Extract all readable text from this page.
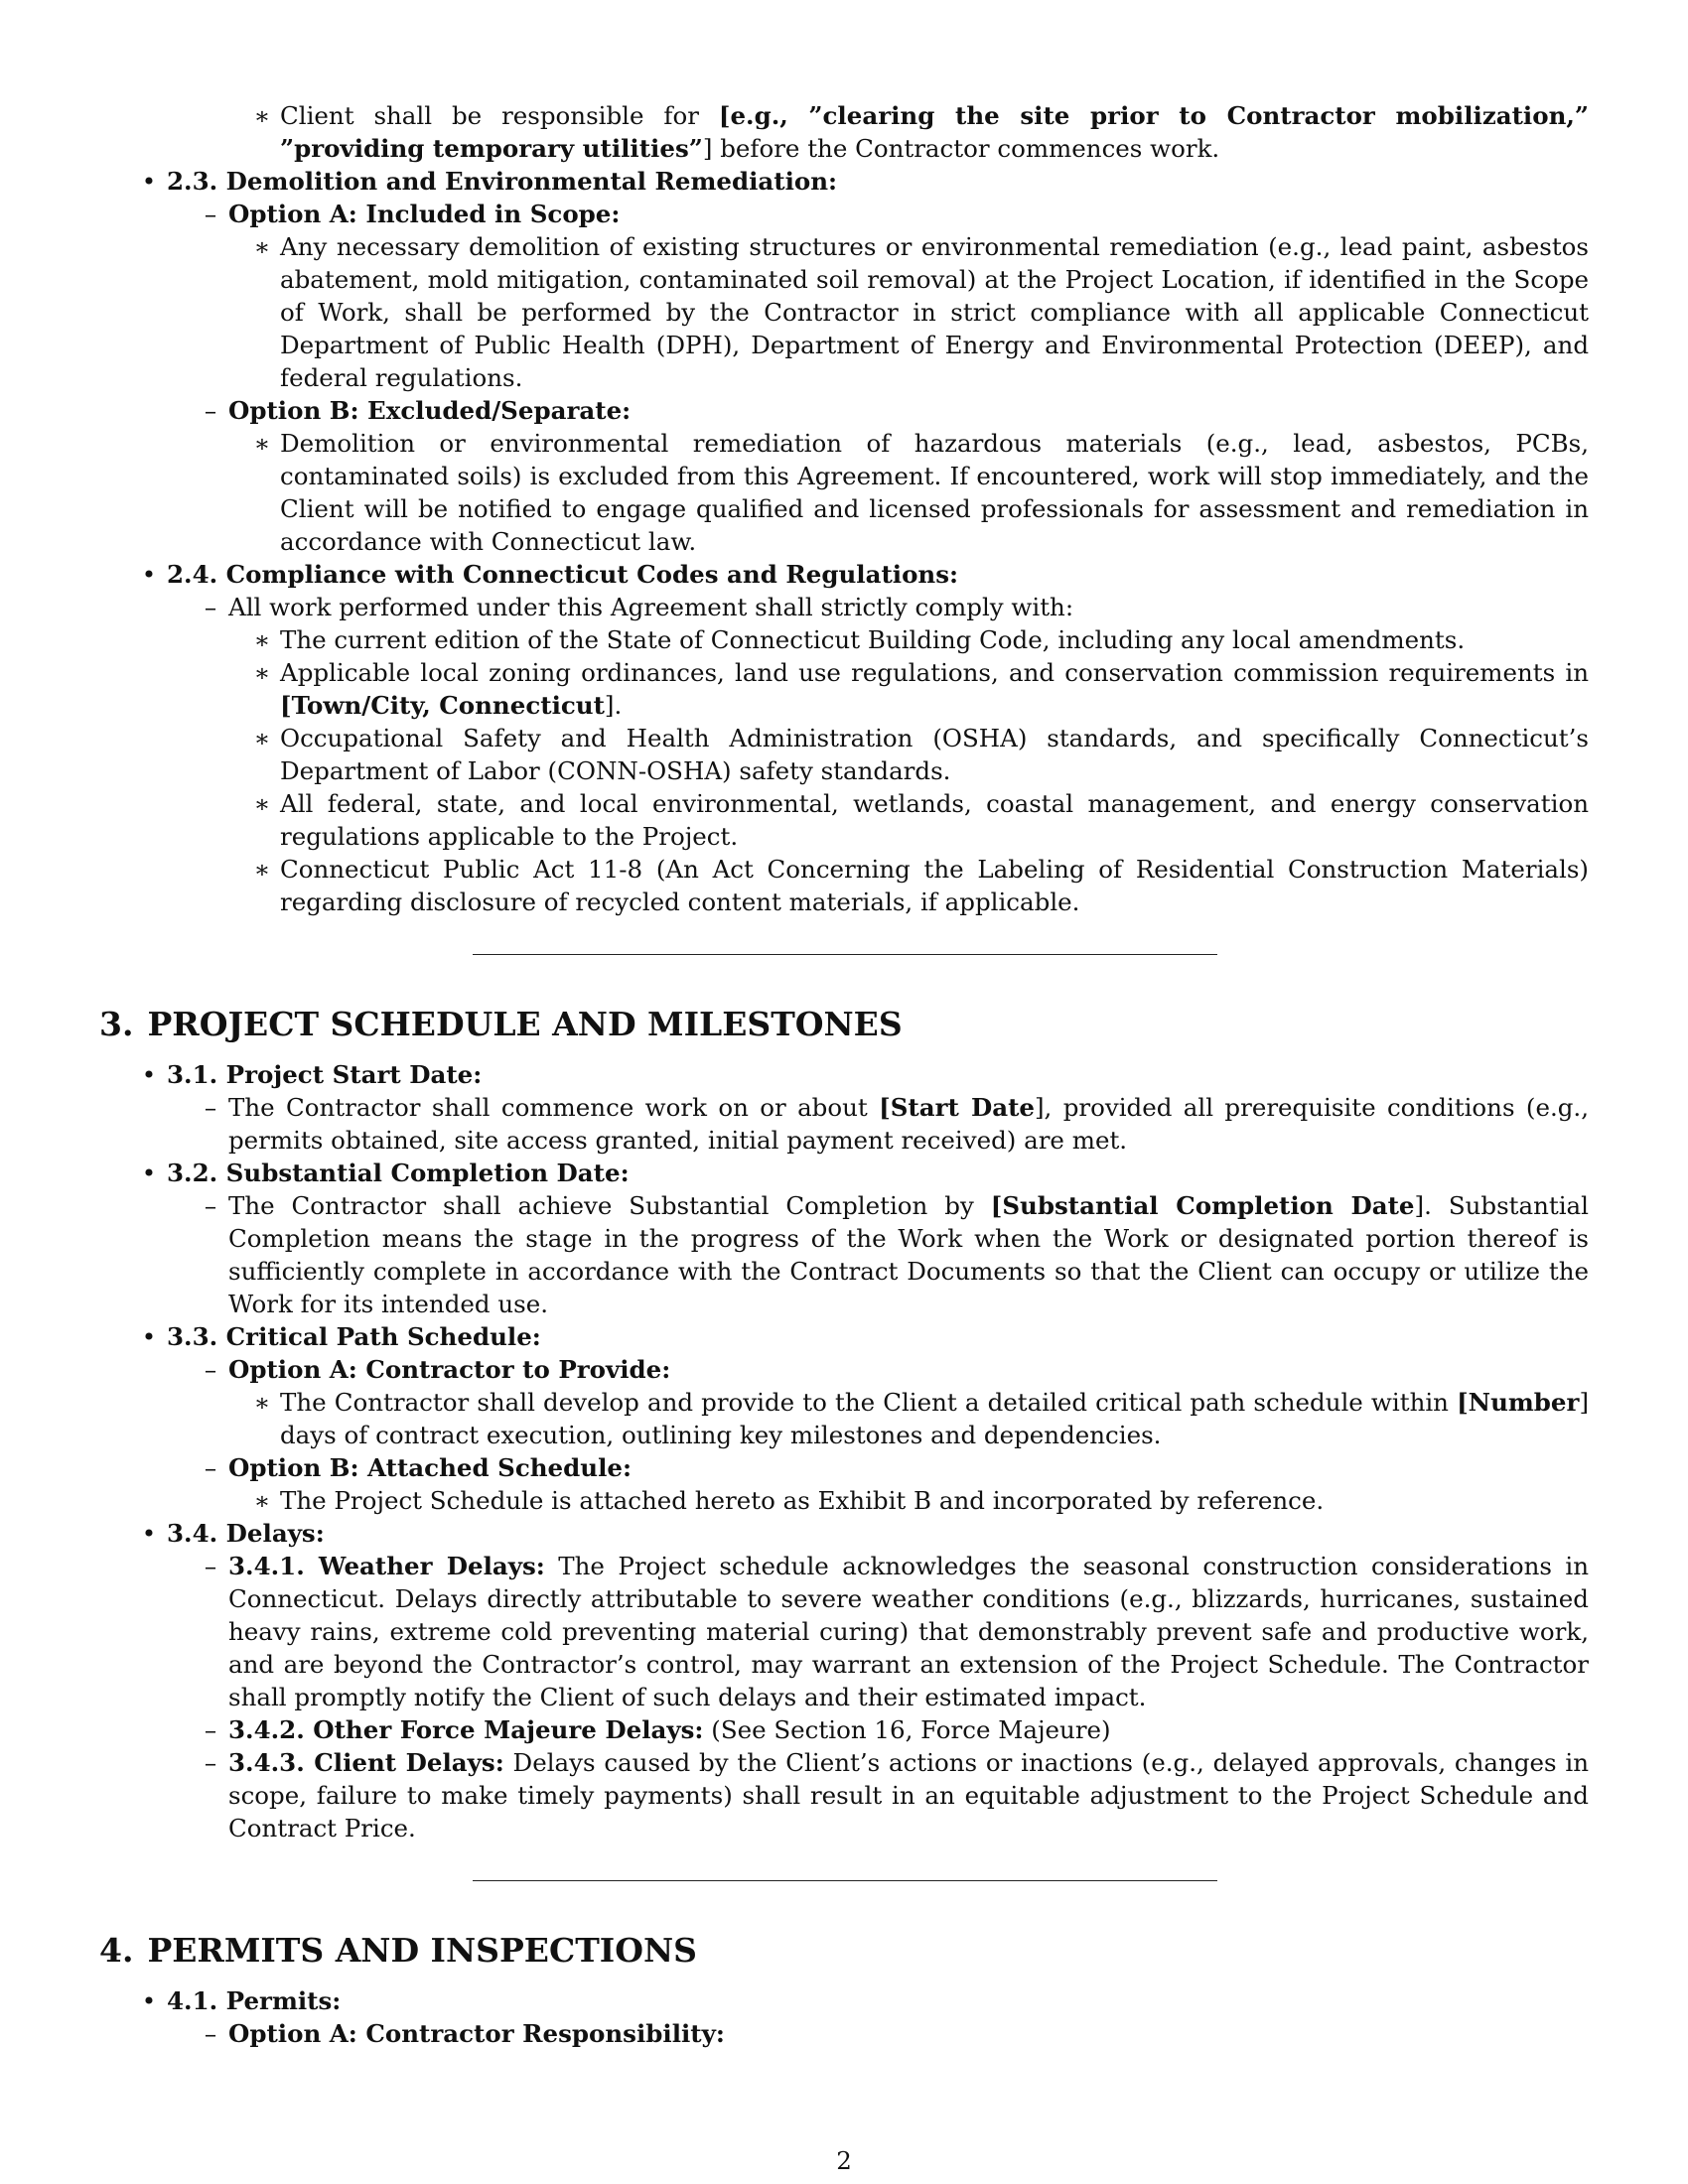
∗ Client shall be responsible for [e.g., ”clearing the site prior to Contractor mobilization,” ”providing temporary utilities”] before the Contractor commences work.
• 2.3. Demolition and Environmental Remediation:
– Option A: Included in Scope:
∗ Any necessary demolition of existing structures or environmental remediation (e.g., lead paint, asbestos abatement, mold mitigation, contaminated soil removal) at the Project Location, if identified in the Scope of Work, shall be performed by the Contractor in strict compliance with all applicable Connecticut Department of Public Health (DPH), Department of Energy and Environmental Protection (DEEP), and federal regulations.
– Option B: Excluded/Separate:
∗ Demolition or environmental remediation of hazardous materials (e.g., lead, asbestos, PCBs, contaminated soils) is excluded from this Agreement. If encountered, work will stop immediately, and the Client will be notified to engage qualified and licensed professionals for assessment and remediation in accordance with Connecticut law.
• 2.4. Compliance with Connecticut Codes and Regulations:
– All work performed under this Agreement shall strictly comply with:
∗ The current edition of the State of Connecticut Building Code, including any local amendments.
∗ Applicable local zoning ordinances, land use regulations, and conservation commission requirements in [Town/City, Connecticut].
∗ Occupational Safety and Health Administration (OSHA) standards, and specifically Connecticut’s Department of Labor (CONN-OSHA) safety standards.
∗ All federal, state, and local environmental, wetlands, coastal management, and energy conservation regulations applicable to the Project.
∗ Connecticut Public Act 11-8 (An Act Concerning the Labeling of Residential Construction Materials) regarding disclosure of recycled content materials, if applicable.
3. PROJECT SCHEDULE AND MILESTONES
• 3.1. Project Start Date:
– The Contractor shall commence work on or about [Start Date], provided all prerequisite conditions (e.g., permits obtained, site access granted, initial payment received) are met.
• 3.2. Substantial Completion Date:
– The Contractor shall achieve Substantial Completion by [Substantial Completion Date]. Substantial Completion means the stage in the progress of the Work when the Work or designated portion thereof is sufficiently complete in accordance with the Contract Documents so that the Client can occupy or utilize the Work for its intended use.
• 3.3. Critical Path Schedule:
– Option A: Contractor to Provide:
∗ The Contractor shall develop and provide to the Client a detailed critical path schedule within [Number] days of contract execution, outlining key milestones and dependencies.
– Option B: Attached Schedule:
∗ The Project Schedule is attached hereto as Exhibit B and incorporated by reference.
• 3.4. Delays:
– 3.4.1. Weather Delays: The Project schedule acknowledges the seasonal construction considerations in Connecticut. Delays directly attributable to severe weather conditions (e.g., blizzards, hurricanes, sustained heavy rains, extreme cold preventing material curing) that demonstrably prevent safe and productive work, and are beyond the Contractor’s control, may warrant an extension of the Project Schedule. The Contractor shall promptly notify the Client of such delays and their estimated impact.
– 3.4.2. Other Force Majeure Delays: (See Section 16, Force Majeure)
– 3.4.3. Client Delays: Delays caused by the Client’s actions or inactions (e.g., delayed approvals, changes in scope, failure to make timely payments) shall result in an equitable adjustment to the Project Schedule and Contract Price.
4. PERMITS AND INSPECTIONS
• 4.1. Permits:
– Option A: Contractor Responsibility:
2
